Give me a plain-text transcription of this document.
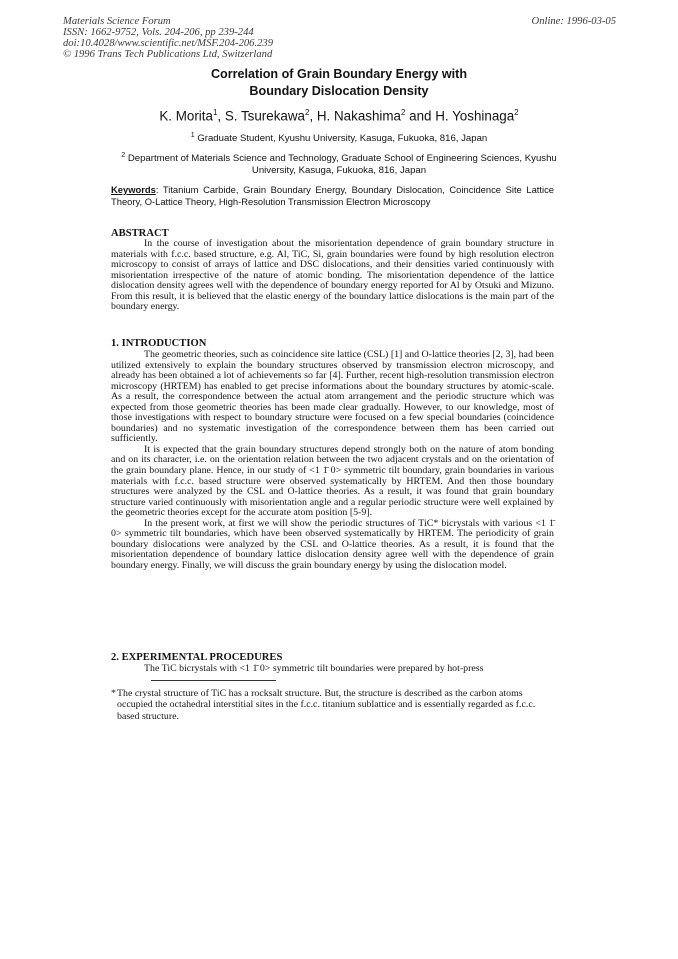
Materials Science Forum
ISSN: 1662-9752, Vols. 204-206, pp 239-244
doi:10.4028/www.scientific.net/MSF.204-206.239
© 1996 Trans Tech Publications Ltd, Switzerland
Online: 1996-03-05
Correlation of Grain Boundary Energy with
Boundary Dislocation Density
K. Morita$^1$, S. Tsurekawa$^2$, H. Nakashima$^2$ and H. Yoshinaga$^2$
$^1$ Graduate Student, Kyushu University, Kasuga, Fukuoka, 816, Japan
$^2$ Department of Materials Science and Technology, Graduate School of Engineering Sciences, Kyushu University, Kasuga, Fukuoka, 816, Japan
Keywords: Titanium Carbide, Grain Boundary Energy, Boundary Dislocation, Coincidence Site Lattice Theory, O-Lattice Theory, High-Resolution Transmission Electron Microscopy
ABSTRACT

In the course of investigation about the misorientation dependence of grain boundary structure in materials with f.c.c. based structure, e.g. Al, TiC, Si, grain boundaries were found by high resolution electron microscopy to consist of arrays of lattice and DSC dislocations, and their densities varied continuously with misorientation irrespective of the nature of atomic bonding. The misorientation dependence of the lattice dislocation density agrees well with the dependence of boundary energy reported for Al by Otsuki and Mizuno. From this result, it is believed that the elastic energy of the boundary lattice dislocations is the main part of the boundary energy.

1. INTRODUCTION

The geometric theories, such as coincidence site lattice (CSL) [1] and O-lattice theories [2, 3], had been utilized extensively to explain the boundary structures observed by transmission electron microscopy, and already has been obtained a lot of achievements so far [4]. Further, recent high-resolution transmission electron microscopy (HRTEM) has enabled to get precise informations about the boundary structures by atomic-scale. As a result, the correspondence between the actual atom arrangement and the periodic structure which was expected from those geometric theories has been made clear gradually. However, to our knowledge, most of those investigations with respect to boundary structure were focused on a few special boundaries (coincidence boundaries) and no systematic investigation of the correspondence between them has been carried out sufficiently.

It is expected that the grain boundary structures depend strongly both on the nature of atom bonding and on its character, i.e. on the orientation relation between the two adjacent crystals and on the orientation of the grain boundary plane. Hence, in our study of <1 1̄ 0> symmetric tilt boundary, grain boundaries in various materials with f.c.c. based structure were observed systematically by HRTEM. And then those boundary structures were analyzed by the CSL and O-lattice theories. As a result, it was found that grain boundary structure varied continuously with misorientation angle and a regular periodic structure were well explained by the geometric theories except for the accurate atom position [5-9].

In the present work, at first we will show the periodic structures of TiC* bicrystals with various <1 1̄ 0> symmetric tilt boundaries, which have been observed systematically by HRTEM. The periodicity of grain boundary dislocations were analyzed by the CSL and O-lattice theories. As a result, it is found that the misorientation dependence of boundary lattice dislocation density agree well with the dependence of grain boundary energy. Finally, we will discuss the grain boundary energy by using the dislocation model.

2. EXPERIMENTAL PROCEDURES

The TiC bicrystals with <1 1̄ 0> symmetric tilt boundaries were prepared by hot-press

* The crystal structure of TiC has a rocksalt structure. But, the structure is described as the carbon atoms occupied the octahedral interstitial sites in the f.c.c. titanium sublattice and is essentially regarded as f.c.c. based structure.
